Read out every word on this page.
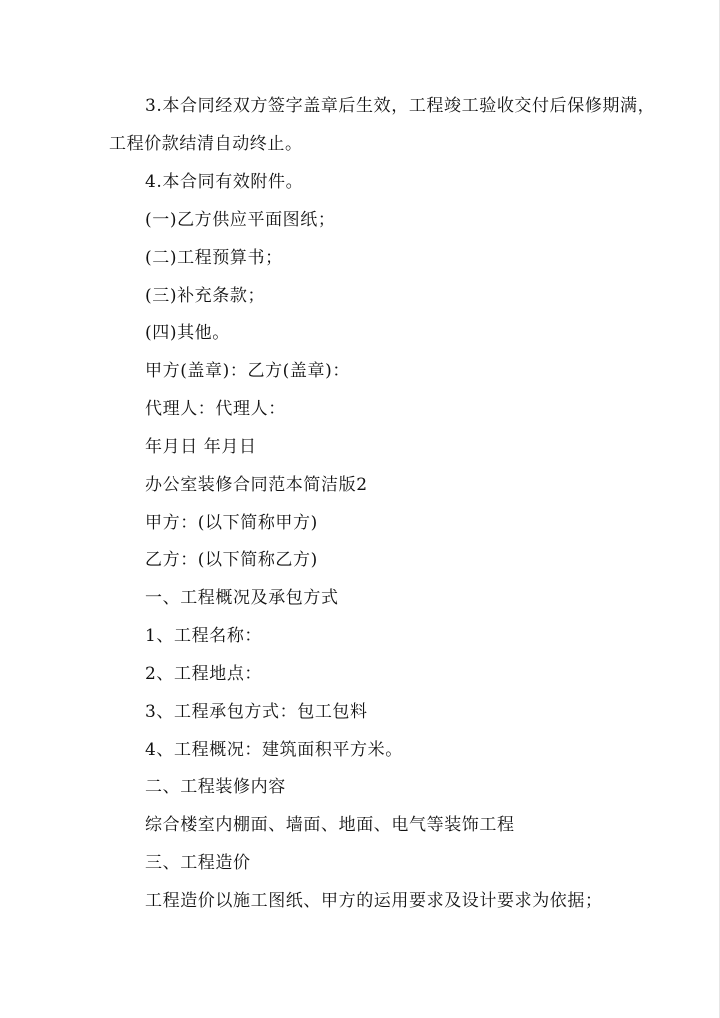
3.本合同经双方签字盖章后生效，工程竣工验收交付后保修期满，
工程价款结清自动终止。
4.本合同有效附件。
(一)乙方供应平面图纸；
(二)工程预算书；
(三)补充条款；
(四)其他。
甲方(盖章)：乙方(盖章)：
代理人：代理人：
年月日 年月日
办公室装修合同范本简洁版2
甲方：(以下简称甲方)
乙方：(以下简称乙方)
一、工程概况及承包方式
1、工程名称：
2、工程地点：
3、工程承包方式：包工包料
4、工程概况：建筑面积平方米。
二、工程装修内容
综合楼室内棚面、墙面、地面、电气等装饰工程
三、工程造价
工程造价以施工图纸、甲方的运用要求及设计要求为依据；
